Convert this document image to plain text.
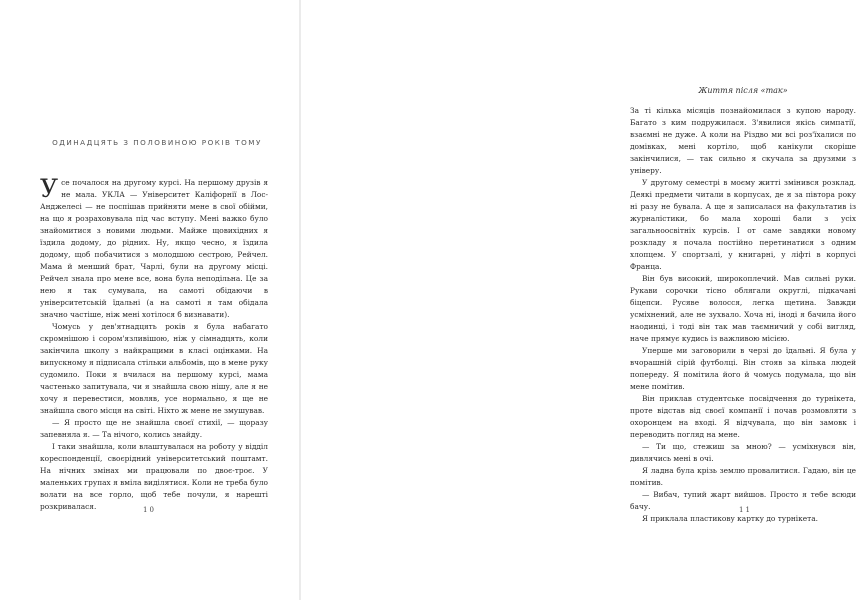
ОДИНАДЦЯТЬ З ПОЛОВИНОЮ РОКІВ ТОМУ

Усе почалося на другому курсі. На першому друзів я не мала. УКЛА — Університет Каліфорнії в Лос-Анджелесі — не поспішав прийняти мене в свої обійми, на що я розраховувала під час вступу. Мені важко було знайомитися з новими людьми. Майже щовихідних я їздила додому, до рідних. Ну, якщо чесно, я їздила додому, щоб побачитися з молодшою сестрою, Рейчел. Мама й менший брат, Чарлі, були на другому місці. Рейчел знала про мене все, вона була неподільна. Це за нею я так сумувала, на самоті обідаючи в університетській їдальні (а на самоті я там обідала значно частіше, ніж мені хотілося б визнавати).

Чомусь у дев'ятнадцять років я була набагато скромнішою і сором'язливішою, ніж у сімнадцять, коли закінчила школу з найкращими в класі оцінками. На випускному я підписала стільки альбомів, що в мене руку судомило. Поки я вчилася на першому курсі, мама частенько запитувала, чи я знайшла свою нішу, але я не хочу я перевестися, мовляв, усе нормально, я ще не знайшла свого місця на світі. Ніхто ж мене не змушував.

— Я просто ще не знайшла своєї стихії, — щоразу запевняла я. — Та нічого, колись знайду.

І таки знайшла, коли влаштувалася на роботу у відділ кореспонденції, своєрідний університетський поштамт. На нічних змінах ми працювали по двоє-троє. У маленьких групах я вміла виділятися. Коли не треба було волати на все горло, щоб тебе почули, я нарешті розкривалася.	10
Життя після «так»

За ті кілька місяців познайомилася з купою народу. Багато з ким подружилася. З'явилися якісь симпатії, взаємні не дуже. А коли на Різдво ми всі роз'їхалися по домівках, мені кортіло, щоб канікули скоріше закінчилися, — так сильно я скучала за друзями з універу.

У другому семестрі в моєму житті змінився розклад. Деякі предмети читали в корпусах, де я за півтора року ні разу не бувала. А ще я записалася на факультатив із журналістики, бо мала хороші бали з усіх загальноосвітніх курсів. І от саме завдяки новому розкладу я почала постійно перетинатися з одним хлопцем. У спортзалі, у книгарні, у ліфті в корпусі Франца.

Він був високий, широкоплечий. Мав сильні руки. Рукави сорочки тісно облягали округлі, підкачані біцепси. Русяве волосся, легка щетина. Завжди усміхнений, але не зухвало. Хоча ні, іноді я бачила його наодинці, і тоді він так мав таємничий у собі вигляд, наче прямує кудись із важливою місією.

Уперше ми заговорили в черзі до їдальні. Я була у вчорашній сірій футболці. Він стояв за кілька людей попереду. Я помітила його й чомусь подумала, що він мене помітив.

Він приклав студентське посвідчення до турнікета, проте відстав від своєї компанії і почав розмовляти з охоронцем на вході. Я відчувала, що він замовк і переводить погляд на мене.

— Ти що, стежиш за мною? — усміхнувся він, дивлячись мені в очі.

Я ладна була крізь землю провалитися. Гадаю, він це помітив.

— Вибач, тупий жарт вийшов. Просто я тебе всюди бачу.

Я приклала пластикову картку до турнікета.

11
